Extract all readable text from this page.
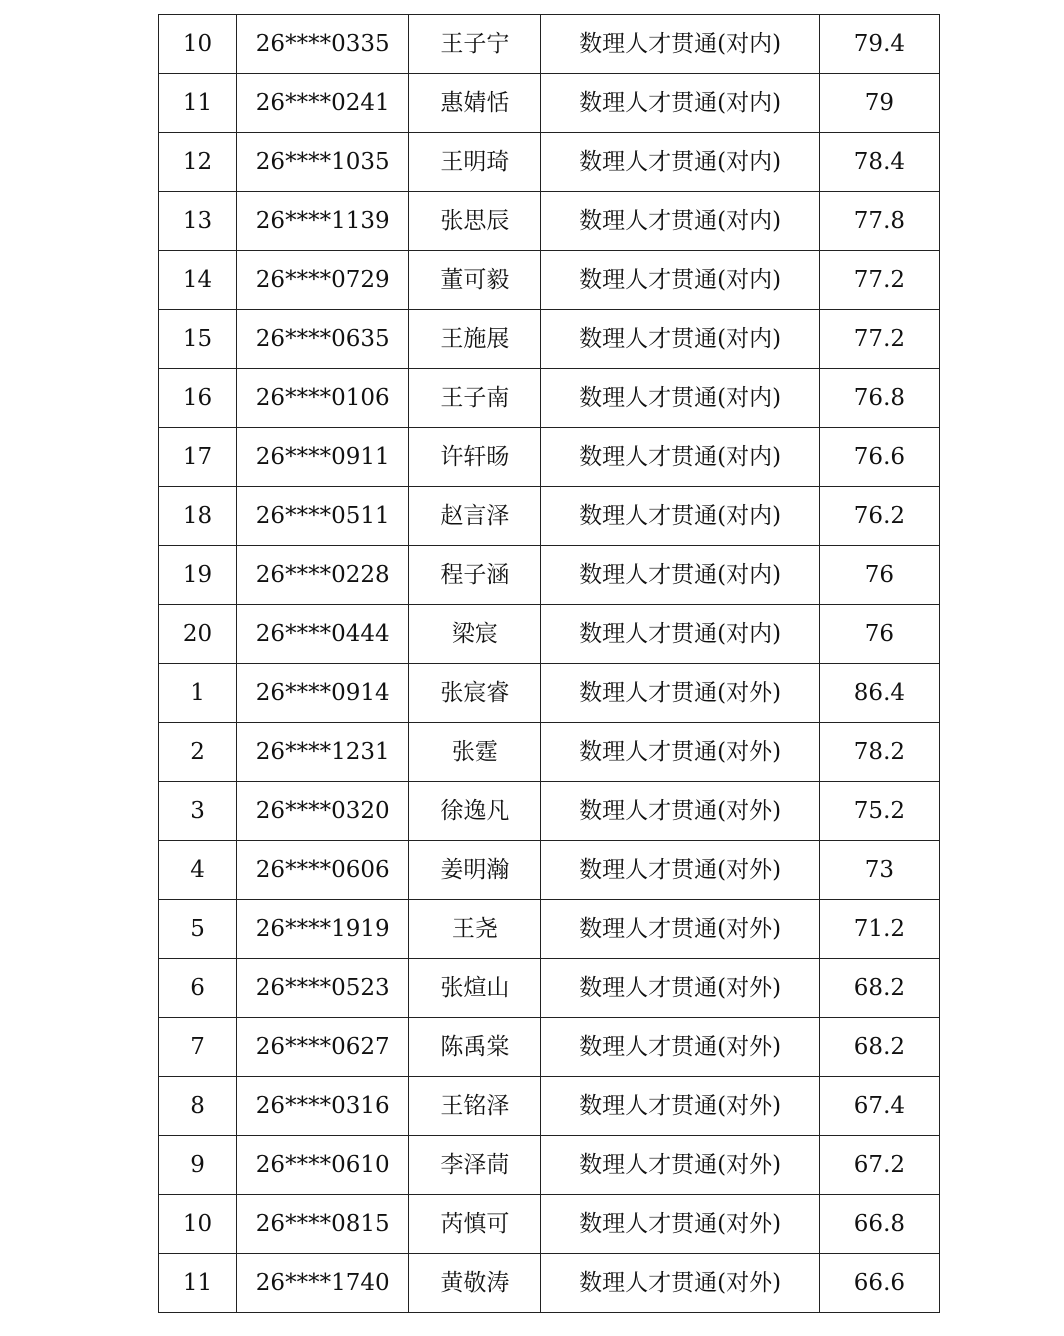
10	26****0335	王子宁	数理人才贯通(对内)	79.4
11	26****0241	惠婧恬	数理人才贯通(对内)	79
12	26****1035	王明琦	数理人才贯通(对内)	78.4
13	26****1139	张思辰	数理人才贯通(对内)	77.8
14	26****0729	董可毅	数理人才贯通(对内)	77.2
15	26****0635	王施展	数理人才贯通(对内)	77.2
16	26****0106	王子南	数理人才贯通(对内)	76.8
17	26****0911	许轩旸	数理人才贯通(对内)	76.6
18	26****0511	赵言泽	数理人才贯通(对内)	76.2
19	26****0228	程子涵	数理人才贯通(对内)	76
20	26****0444	梁宸	数理人才贯通(对内)	76
1	26****0914	张宸睿	数理人才贯通(对外)	86.4
2	26****1231	张霆	数理人才贯通(对外)	78.2
3	26****0320	徐逸凡	数理人才贯通(对外)	75.2
4	26****0606	姜明瀚	数理人才贯通(对外)	73
5	26****1919	王尧	数理人才贯通(对外)	71.2
6	26****0523	张煊山	数理人才贯通(对外)	68.2
7	26****0627	陈禹棠	数理人才贯通(对外)	68.2
8	26****0316	王铭泽	数理人才贯通(对外)	67.4
9	26****0610	李泽茼	数理人才贯通(对外)	67.2
10	26****0815	芮慎可	数理人才贯通(对外)	66.8
11	26****1740	黄敬涛	数理人才贯通(对外)	66.6
